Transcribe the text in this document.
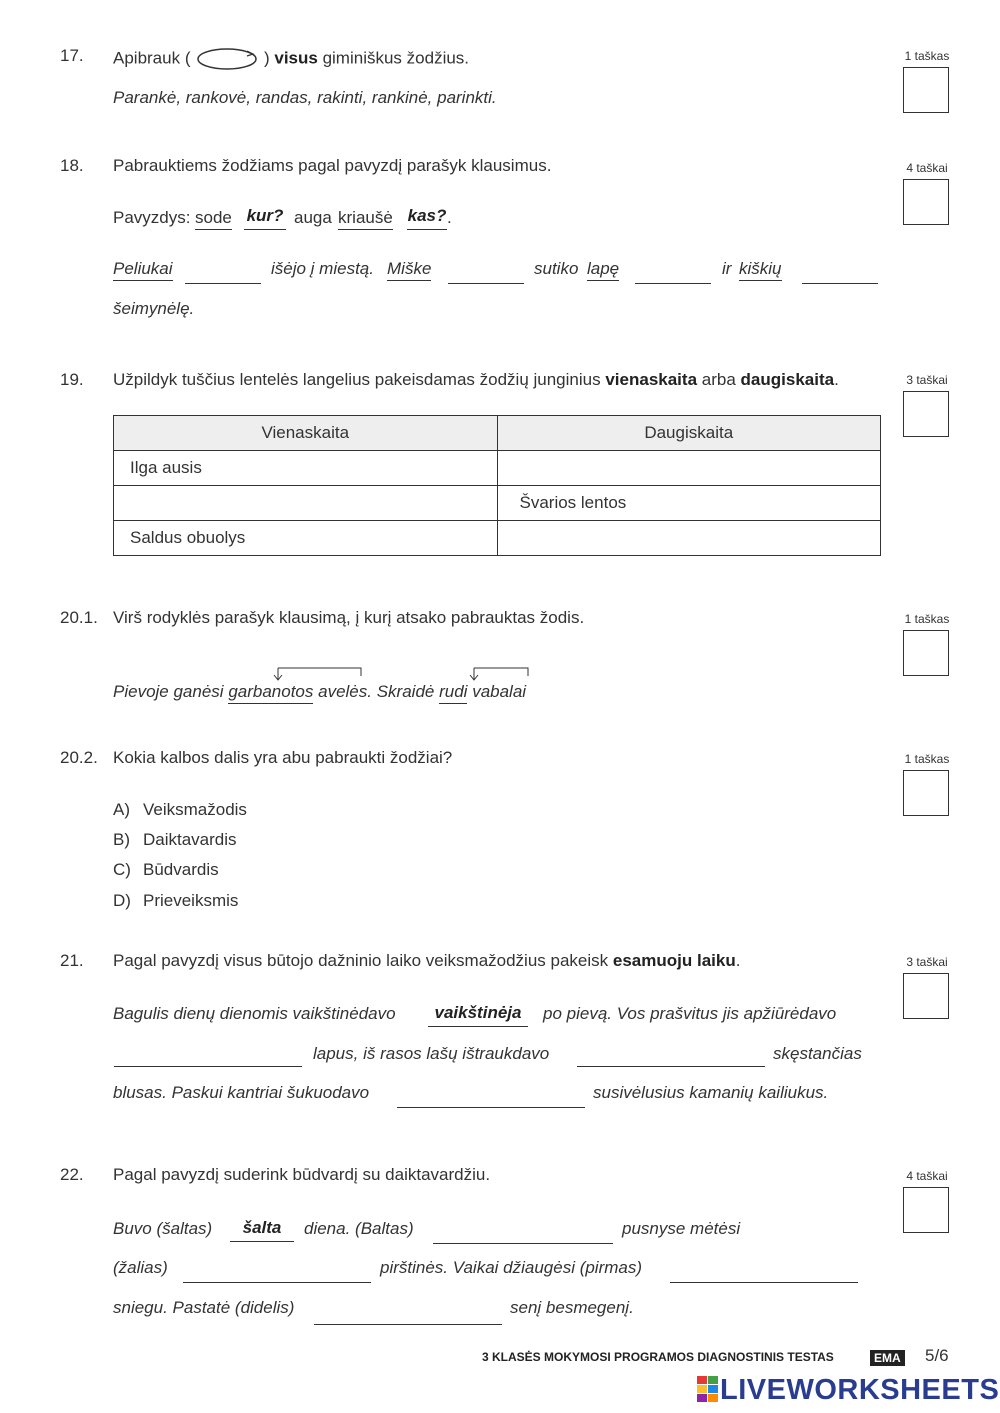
17. Apibrauk (	) visus giminiškus žodžius.
Parankė, rankovė, randas, rakinti, rankinė, parinkti.
1 taškas
18. Pabrauktiems žodžiams pagal pavyzdį parašyk klausimus.	4 taškai
Pavyzdys: sode kur? auga kriaušė kas? .
Peliukai	išėjo į miestą. Miške	sutiko lapę	ir kiškių
šeimynėlę.
19. Užpildyk tuščius lentelės langelius pakeisdamas žodžių junginius vienaskaita arba daugiskaita.	3 taškai
Vienaskaita	Daugiskaita
Ilga ausis	
	Švarios lentos
Saldus obuolys	
20.1. Virš rodyklės parašyk klausimą, į kurį atsako pabrauktas žodis.	1 taškas
Pievoje ganėsi garbanotos avelės. Skraidė rudi vabalai
20.2. Kokia kalbos dalis yra abu pabraukti žodžiai?	1 taškas
A) Veiksmažodis
B) Daiktavardis
C) Būdvardis
D) Prieveiksmis
21. Pagal pavyzdį visus būtojo dažninio laiko veiksmažodžius pakeisk esamuoju laiku.	3 taškai
Bagulis dienų dienomis vaikštinėdavo	vaikštinėja	po pievą. Vos prašvitus jis apžiūrėdavo
lapus, iš rasos lašų ištraukdavo	skęstančias
blusas. Paskui kantriai šukuodavo	susivėlusius kamanių kailiukus.
22. Pagal pavyzdį suderink būdvardį su daiktavardžiu.	4 taškai
Buvo (šaltas)	šalta	diena. (Baltas)	pusnyse mėtėsi
(žalias)	pirštinės. Vaikai džiaugėsi (pirmas)
sniegu. Pastatė (didelis)	senį besmegenį.
3 KLASĖS MOKYMOSI PROGRAMOS DIAGNOSTINIS TESTAS	EMA 5/6
LIVEWORKSHEETS
